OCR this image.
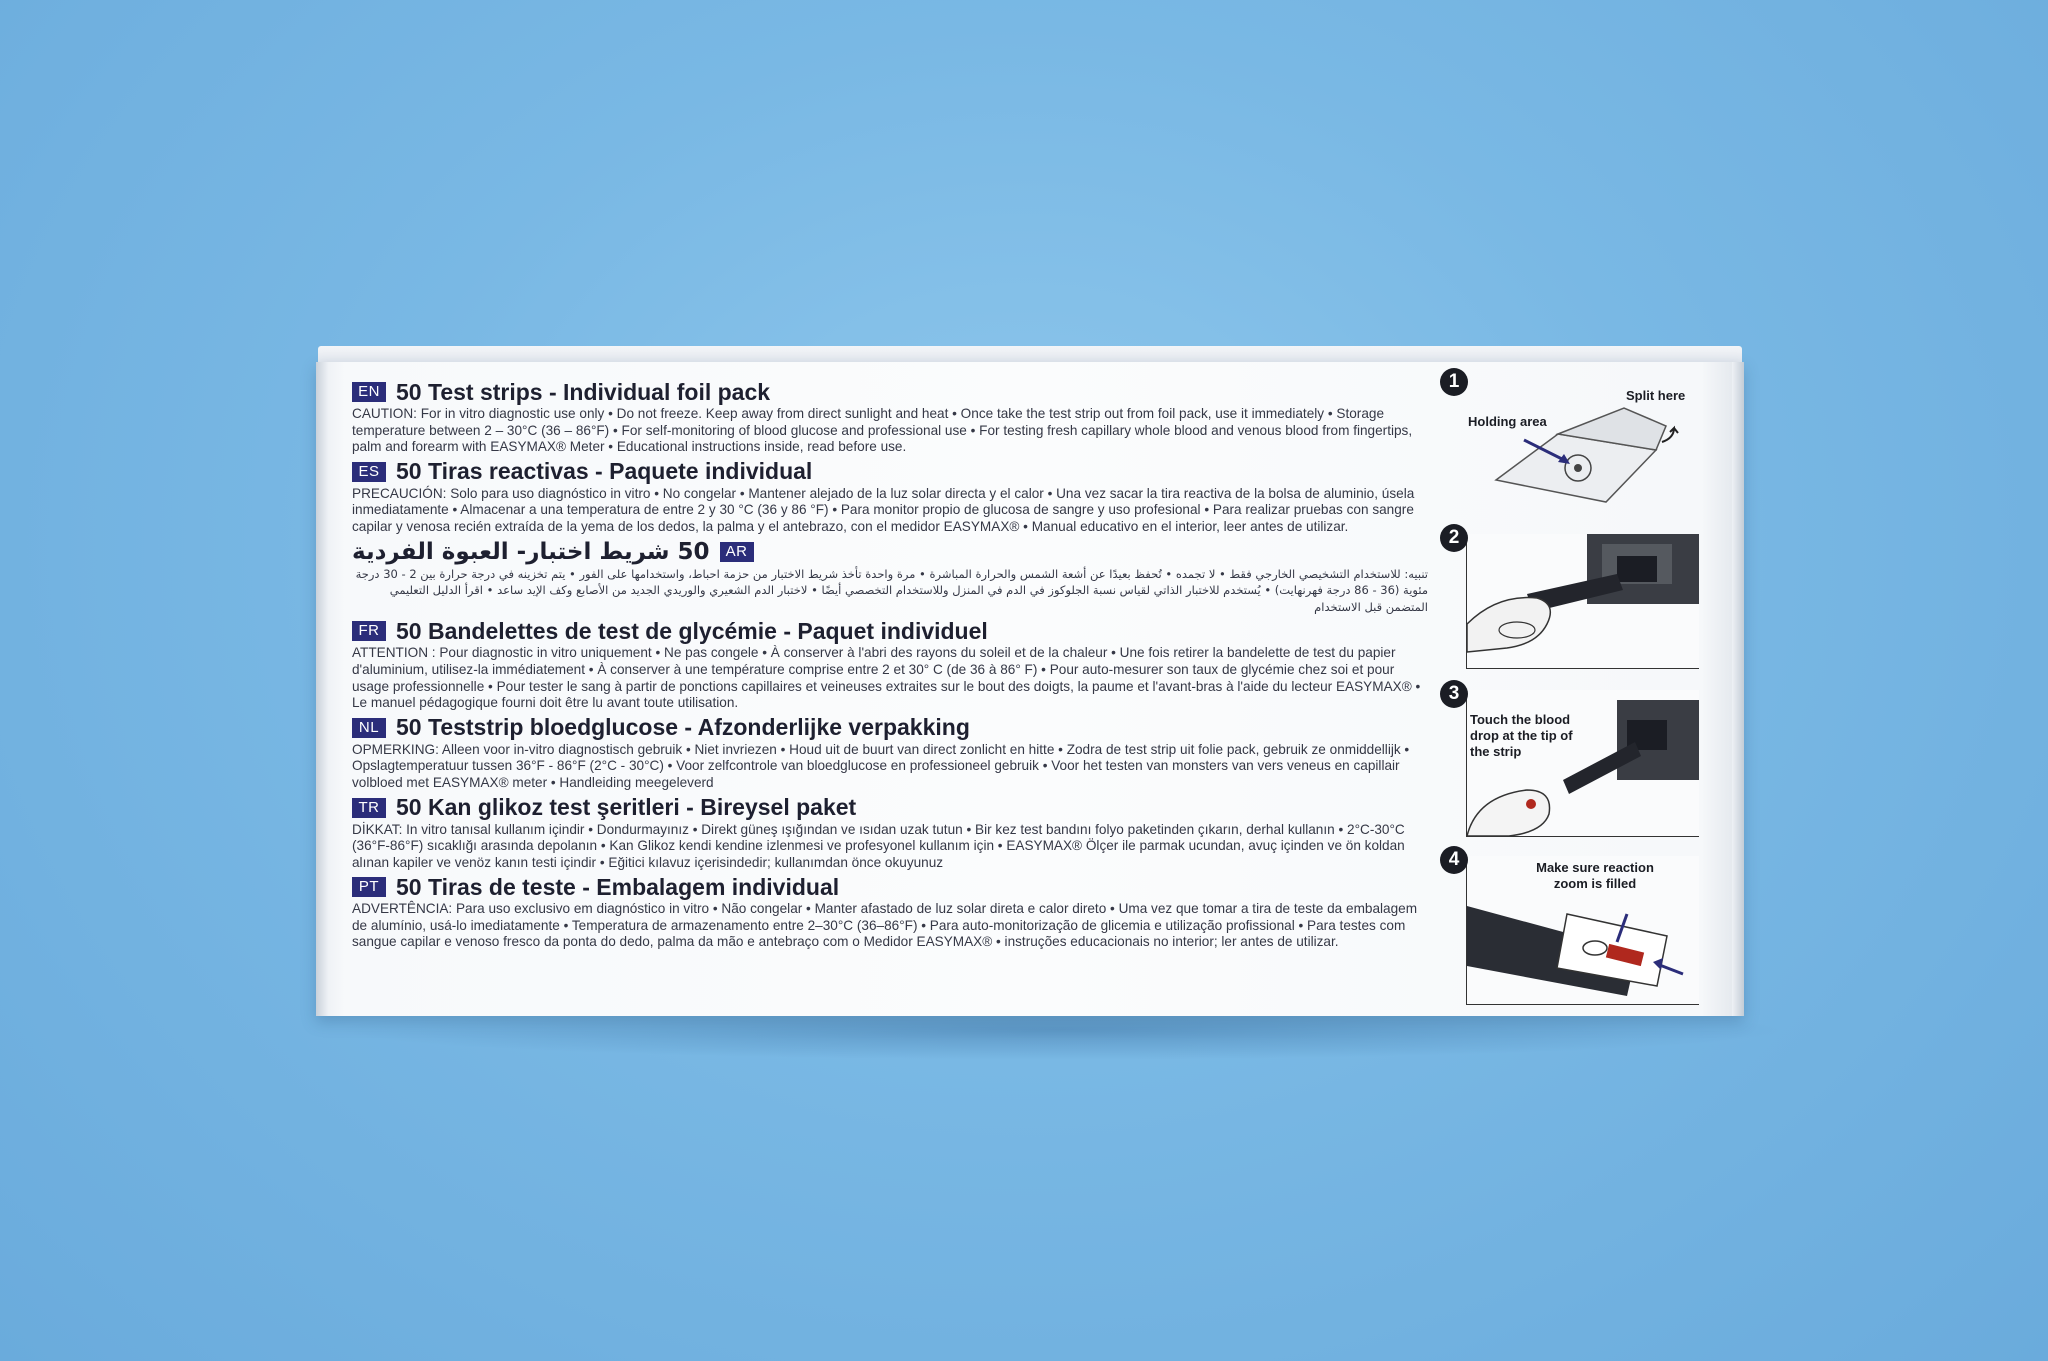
EN 50 Test strips - Individual foil pack
CAUTION: For in vitro diagnostic use only • Do not freeze. Keep away from direct sunlight and heat • Once take the test strip out from foil pack, use it immediately • Storage temperature between 2 – 30°C (36 – 86°F) • For self-monitoring of blood glucose and professional use • For testing fresh capillary whole blood and venous blood from fingertips, palm and forearm with EASYMAX® Meter • Educational instructions inside, read before use.
ES 50 Tiras reactivas - Paquete individual
PRECAUCIÓN: Solo para uso diagnóstico in vitro • No congelar • Mantener alejado de la luz solar directa y el calor • Una vez sacar la tira reactiva de la bolsa de aluminio, úsela inmediatamente • Almacenar a una temperatura de entre 2 y 30 °C (36 y 86 °F) • Para monitor propio de glucosa de sangre y uso profesional • Para realizar pruebas con sangre capilar y venosa recién extraída de la yema de los dedos, la palma y el antebrazo, con el medidor EASYMAX® • Manual educativo en el interior, leer antes de utilizar.
AR
50 شريط اختبار- العبوة الفردية
تنبيه: للاستخدام التشخيصي الخارجي فقط • لا تجمده • تُحفظ بعيدًا عن أشعة الشمس والحرارة المباشرة • مرة واحدة تأخذ شريط الاختبار من حزمة احباط، واستخدامها على الفور • يتم تخزينه في درجة حرارة بين 2 - 30 درجة مئوية (36 - 86 درجة فهرنهايت) • يُستخدم للاختبار الذاتي لقياس نسبة الجلوكوز في الدم في المنزل وللاستخدام التخصصي أيضًا • لاختبار الدم الشعيري والوريدي الجديد من الأصابع وكف الإيد ساعد • اقرأ الدليل التعليمي المتضمن قبل الاستخدام
FR 50 Bandelettes de test de glycémie - Paquet individuel
ATTENTION : Pour diagnostic in vitro uniquement • Ne pas congele • À conserver à l'abri des rayons du soleil et de la chaleur • Une fois retirer la bandelette de test du papier d'aluminium, utilisez-la immédiatement • À conserver à une température comprise entre 2 et 30° C (de 36 à 86° F) • Pour auto-mesurer son taux de glycémie chez soi et pour usage professionnelle • Pour tester le sang à partir de ponctions capillaires et veineuses extraites sur le bout des doigts, la paume et l'avant-bras à l'aide du lecteur EASYMAX® • Le manuel pédagogique fourni doit être lu avant toute utilisation.
NL 50 Teststrip bloedglucose - Afzonderlijke verpakking
OPMERKING: Alleen voor in-vitro diagnostisch gebruik • Niet invriezen • Houd uit de buurt van direct zonlicht en hitte • Zodra de test strip uit folie pack, gebruik ze onmiddellijk • Opslagtemperatuur tussen 36°F - 86°F (2°C - 30°C) • Voor zelfcontrole van bloedglucose en professioneel gebruik • Voor het testen van monsters van vers veneus en capillair volbloed met EASYMAX® meter • Handleiding meegeleverd
TR 50 Kan glikoz test şeritleri - Bireysel paket
DİKKAT: In vitro tanısal kullanım içindir • Dondurmayınız • Direkt güneş ışığından ve ısıdan uzak tutun • Bir kez test bandını folyo paketinden çıkarın, derhal kullanın • 2°C-30°C (36°F-86°F) sıcaklığı arasında depolanın • Kan Glikoz kendi kendine izlenmesi ve profesyonel kullanım için • EASYMAX® Ölçer ile parmak ucundan, avuç içinden ve ön koldan alınan kapiler ve venöz kanın testi içindir • Eğitici kılavuz içerisindedir; kullanımdan önce okuyunuz
PT 50 Tiras de teste - Embalagem individual
ADVERTÊNCIA: Para uso exclusivo em diagnóstico in vitro • Não congelar • Manter afastado de luz solar direta e calor direto • Uma vez que tomar a tira de teste da embalagem de alumínio, usá-lo imediatamente • Temperatura de armazenamento entre 2–30°C (36–86°F) • Para auto-monitorização de glicemia e utilização profissional • Para testes com sangue capilar e venoso fresco da ponta do dedo, palma da mão e antebraço com o Medidor EASYMAX® • instruções educacionais no interior; ler antes de utilizar.
1
Holding area
Split here
2
3
Touch the blood drop at the tip of the strip
4	Make sure reaction zoom is filled
